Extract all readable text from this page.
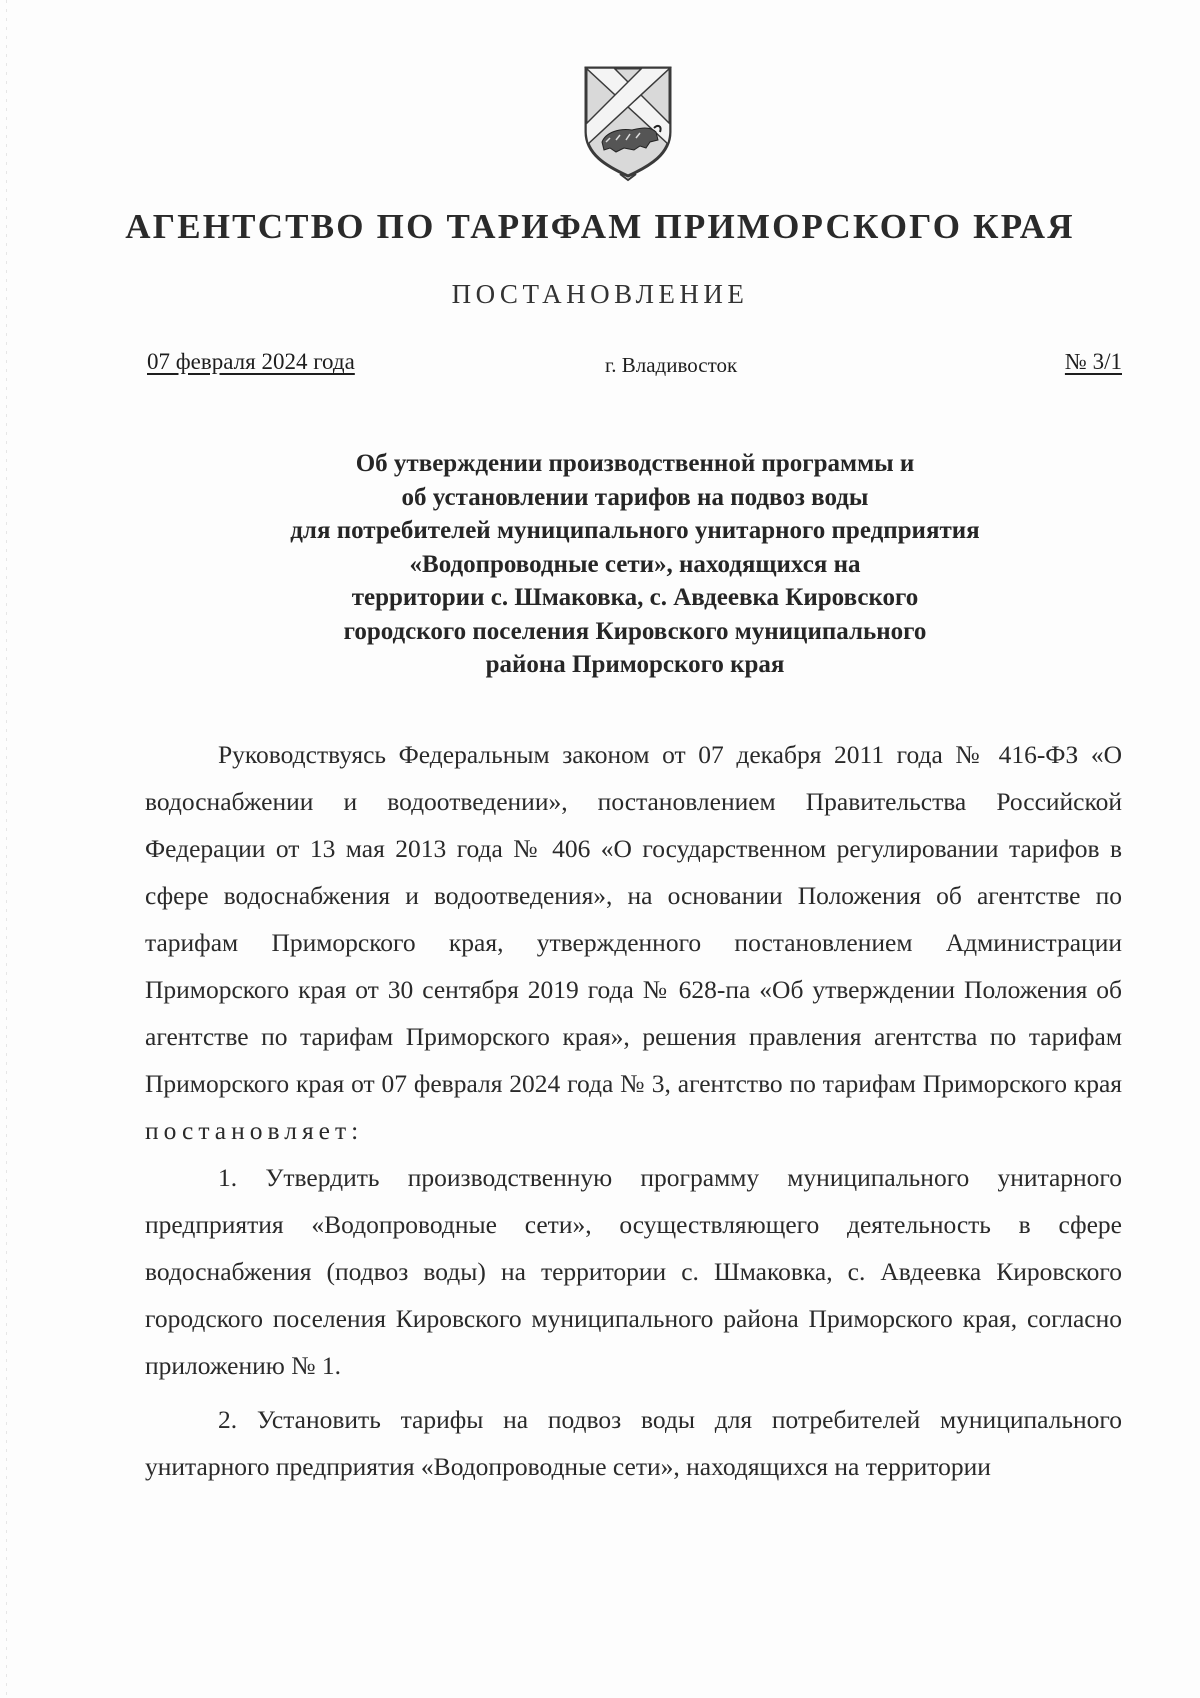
АГЕНТСТВО ПО ТАРИФАМ ПРИМОРСКОГО КРАЯ
ПОСТАНОВЛЕНИЕ
07 февраля 2024 года	г. Владивосток	№ 3/1
Об утверждении производственной программы и
об установлении тарифов на подвоз воды
для потребителей муниципального унитарного предприятия
«Водопроводные сети», находящихся на
территории с. Шмаковка, с. Авдеевка Кировского
городского поселения Кировского муниципального
района Приморского края

Руководствуясь Федеральным законом от 07 декабря 2011 года № 416-ФЗ «О водоснабжении и водоотведении», постановлением Правительства Российской Федерации от 13 мая 2013 года № 406 «О государственном регулировании тарифов в сфере водоснабжения и водоотведения», на основании Положения об агентстве по тарифам Приморского края, утвержденного постановлением Администрации Приморского края от 30 сентября 2019 года № 628-па «Об утверждении Положения об агентстве по тарифам Приморского края», решения правления агентства по тарифам Приморского края от 07 февраля 2024 года № 3, агентство по тарифам Приморского края постановляет:

1. Утвердить производственную программу муниципального унитарного предприятия «Водопроводные сети», осуществляющего деятельность в сфере водоснабжения (подвоз воды) на территории с. Шмаковка, с. Авдеевка Кировского городского поселения Кировского муниципального района Приморского края, согласно приложению № 1.

2. Установить тарифы на подвоз воды для потребителей муниципального унитарного предприятия «Водопроводные сети», находящихся на территории
